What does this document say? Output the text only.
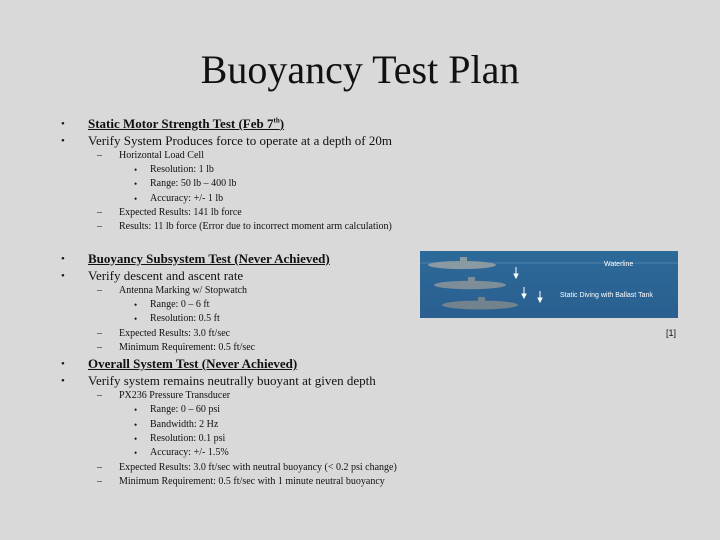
Buoyancy Test Plan
• Static Motor Strength Test (Feb 7th)
• Verify System Produces force to operate at a depth of 20m
– Horizontal Load Cell
• Resolution: 1 lb
• Range: 50 lb – 400 lb
• Accuracy: +/- 1 lb
– Expected Results: 141 lb force
– Results: 11 lb force (Error due to incorrect moment arm calculation)
• Buoyancy Subsystem Test (Never Achieved)
• Verify descent and ascent rate
– Antenna Marking w/ Stopwatch
• Range: 0 – 6 ft
• Resolution: 0.5 ft
– Expected Results: 3.0 ft/sec
– Minimum Requirement: 0.5 ft/sec
• Overall System Test (Never Achieved)
• Verify system remains neutrally buoyant at given depth
– PX236 Pressure Transducer
• Range: 0 – 60 psi
• Bandwidth: 2 Hz
• Resolution: 0.1 psi
• Accuracy: +/- 1.5%
– Expected Results: 3.0 ft/sec with neutral buoyancy (< 0.2 psi change)
– Minimum Requirement: 0.5 ft/sec with 1 minute neutral buoyancy
Waterline
Static Diving with Ballast Tank
[1]
